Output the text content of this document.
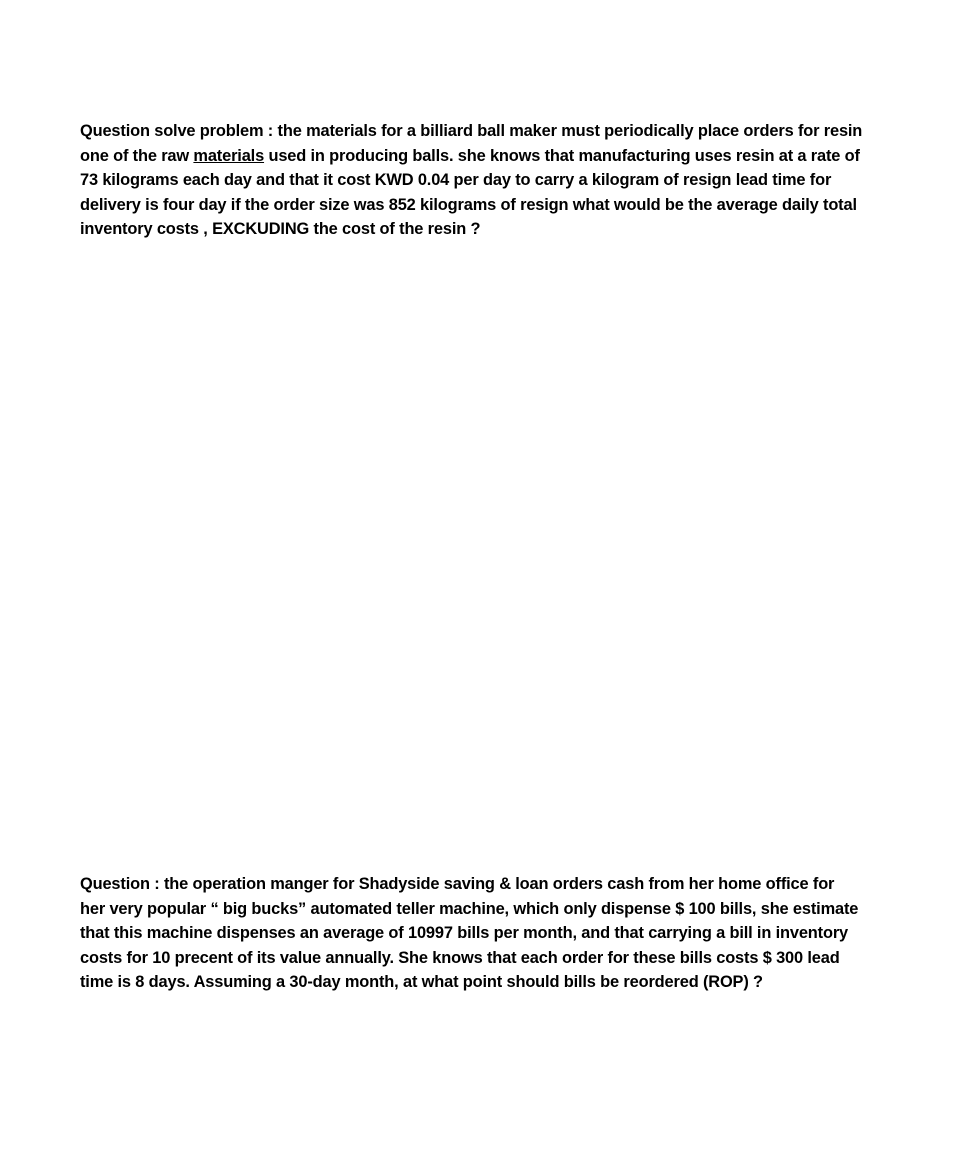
Question solve problem : the materials for a billiard ball maker must periodically place orders for resin
one of the raw materials used in producing balls. she knows that manufacturing uses resin at a rate of
73 kilograms each day and that it cost KWD 0.04 per day to carry a kilogram of resign lead time for
delivery is four day if the order size was 852 kilograms of resign what would be the average daily total
inventory costs , EXCKUDING the cost of the resin ?

Question : the operation manger for Shadyside saving & loan orders cash from her home office for
her very popular “ big bucks” automated teller machine, which only dispense $ 100 bills, she estimate
that this machine dispenses an average of 10997 bills per month, and that carrying a bill in inventory
costs for 10 precent of its value annually. She knows that each order for these bills costs $ 300 lead
time is 8 days. Assuming a 30-day month, at what point should bills be reordered (ROP) ?
